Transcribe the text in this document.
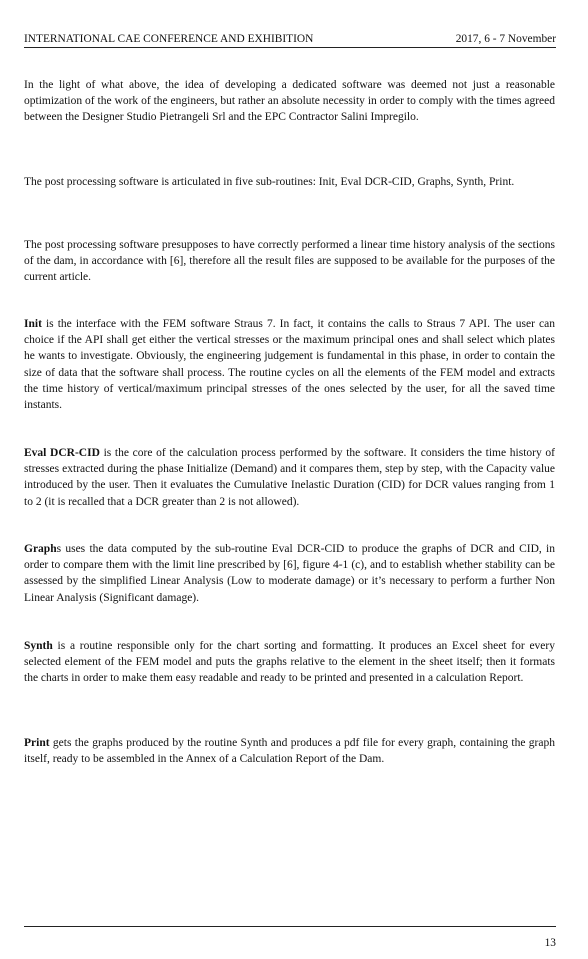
INTERNATIONAL CAE CONFERENCE AND EXHIBITION	2017, 6 - 7 November

In the light of what above, the idea of developing a dedicated software was deemed not just a reasonable optimization of the work of the engineers, but rather an absolute necessity in order to comply with the times agreed between the Designer Studio Pietrangeli Srl and the EPC Contractor Salini Impregilo.

The post processing software is articulated in five sub-routines: Init, Eval DCR-CID, Graphs, Synth, Print.

The post processing software presupposes to have correctly performed a linear time history analysis of the sections of the dam, in accordance with [6], therefore all the result files are supposed to be available for the purposes of the current article.

Init is the interface with the FEM software Straus 7. In fact, it contains the calls to Straus 7 API. The user can choice if the API shall get either the vertical stresses or the maximum principal ones and shall select which plates he wants to investigate. Obviously, the engineering judgement is fundamental in this phase, in order to contain the size of data that the software shall process. The routine cycles on all the elements of the FEM model and extracts the time history of vertical/maximum principal stresses of the ones selected by the user, for all the saved time instants.

Eval DCR-CID is the core of the calculation process performed by the software. It considers the time history of stresses extracted during the phase Initialize (Demand) and it compares them, step by step, with the Capacity value introduced by the user. Then it evaluates the Cumulative Inelastic Duration (CID) for DCR values ranging from 1 to 2 (it is recalled that a DCR greater than 2 is not allowed).

Graphs uses the data computed by the sub-routine Eval DCR-CID to produce the graphs of DCR and CID, in order to compare them with the limit line prescribed by [6], figure 4-1 (c), and to establish whether stability can be assessed by the simplified Linear Analysis (Low to moderate damage) or it’s necessary to perform a further Non Linear Analysis (Significant damage).

Synth is a routine responsible only for the chart sorting and formatting. It produces an Excel sheet for every selected element of the FEM model and puts the graphs relative to the element in the sheet itself; then it formats the charts in order to make them easy readable and ready to be printed and presented in a calculation Report.

Print gets the graphs produced by the routine Synth and produces a pdf file for every graph, containing the graph itself, ready to be assembled in the Annex of a Calculation Report of the Dam.

13
